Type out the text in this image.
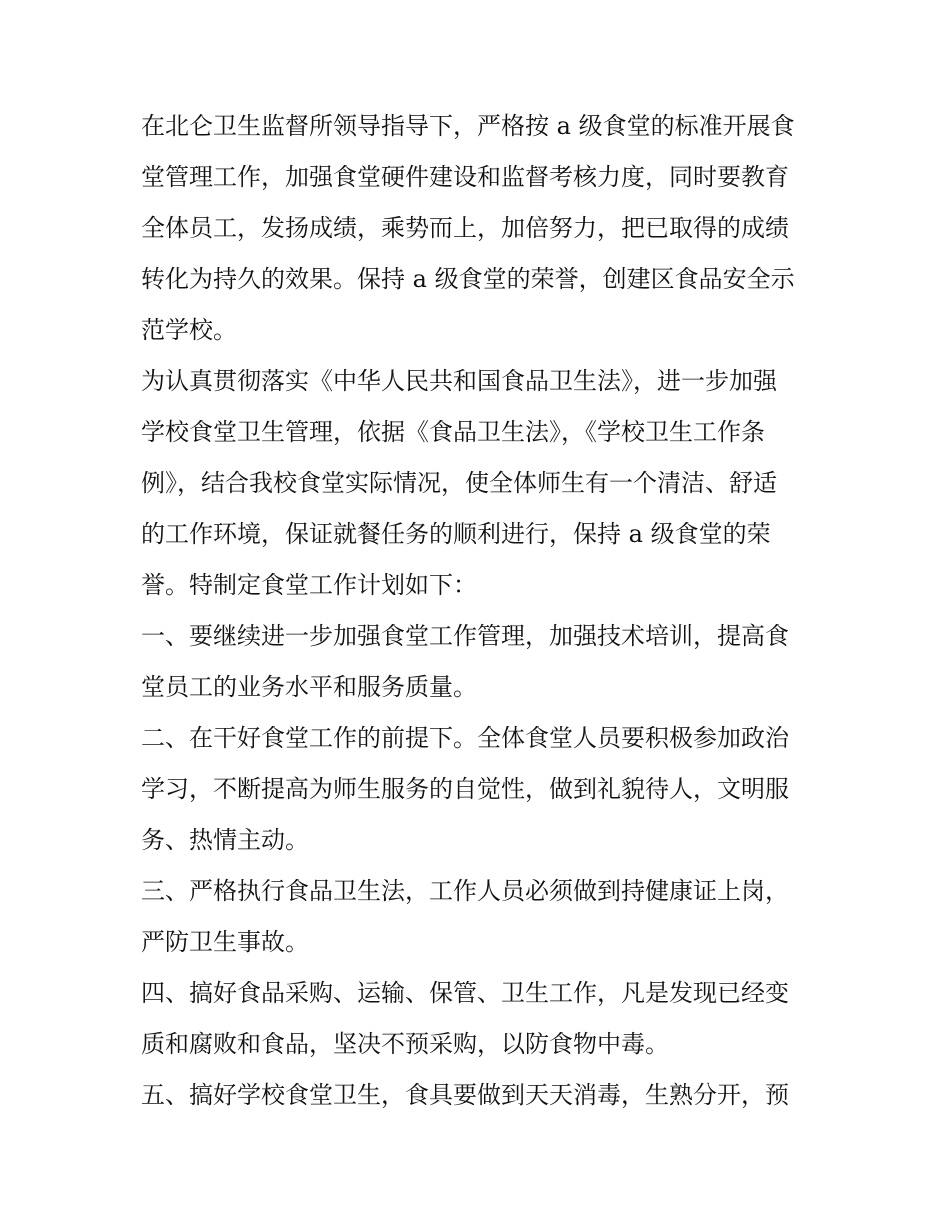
在北仑卫生监督所领导指导下，严格按 a 级食堂的标准开展食
堂管理工作，加强食堂硬件建设和监督考核力度，同时要教育
全体员工，发扬成绩，乘势而上，加倍努力，把已取得的成绩
转化为持久的效果。保持 a 级食堂的荣誉，创建区食品安全示
范学校。
为认真贯彻落实《中华人民共和国食品卫生法》，进一步加强
学校食堂卫生管理，依据《食品卫生法》，《学校卫生工作条
例》，结合我校食堂实际情况，使全体师生有一个清洁、舒适
的工作环境，保证就餐任务的顺利进行，保持 a 级食堂的荣
誉。特制定食堂工作计划如下：
一、要继续进一步加强食堂工作管理，加强技术培训，提高食
堂员工的业务水平和服务质量。
二、在干好食堂工作的前提下。全体食堂人员要积极参加政治
学习，不断提高为师生服务的自觉性，做到礼貌待人，文明服
务、热情主动。
三、严格执行食品卫生法，工作人员必须做到持健康证上岗，
严防卫生事故。
四、搞好食品采购、运输、保管、卫生工作，凡是发现已经变
质和腐败和食品，坚决不预采购，以防食物中毒。
五、搞好学校食堂卫生，食具要做到天天消毒，生熟分开，预
